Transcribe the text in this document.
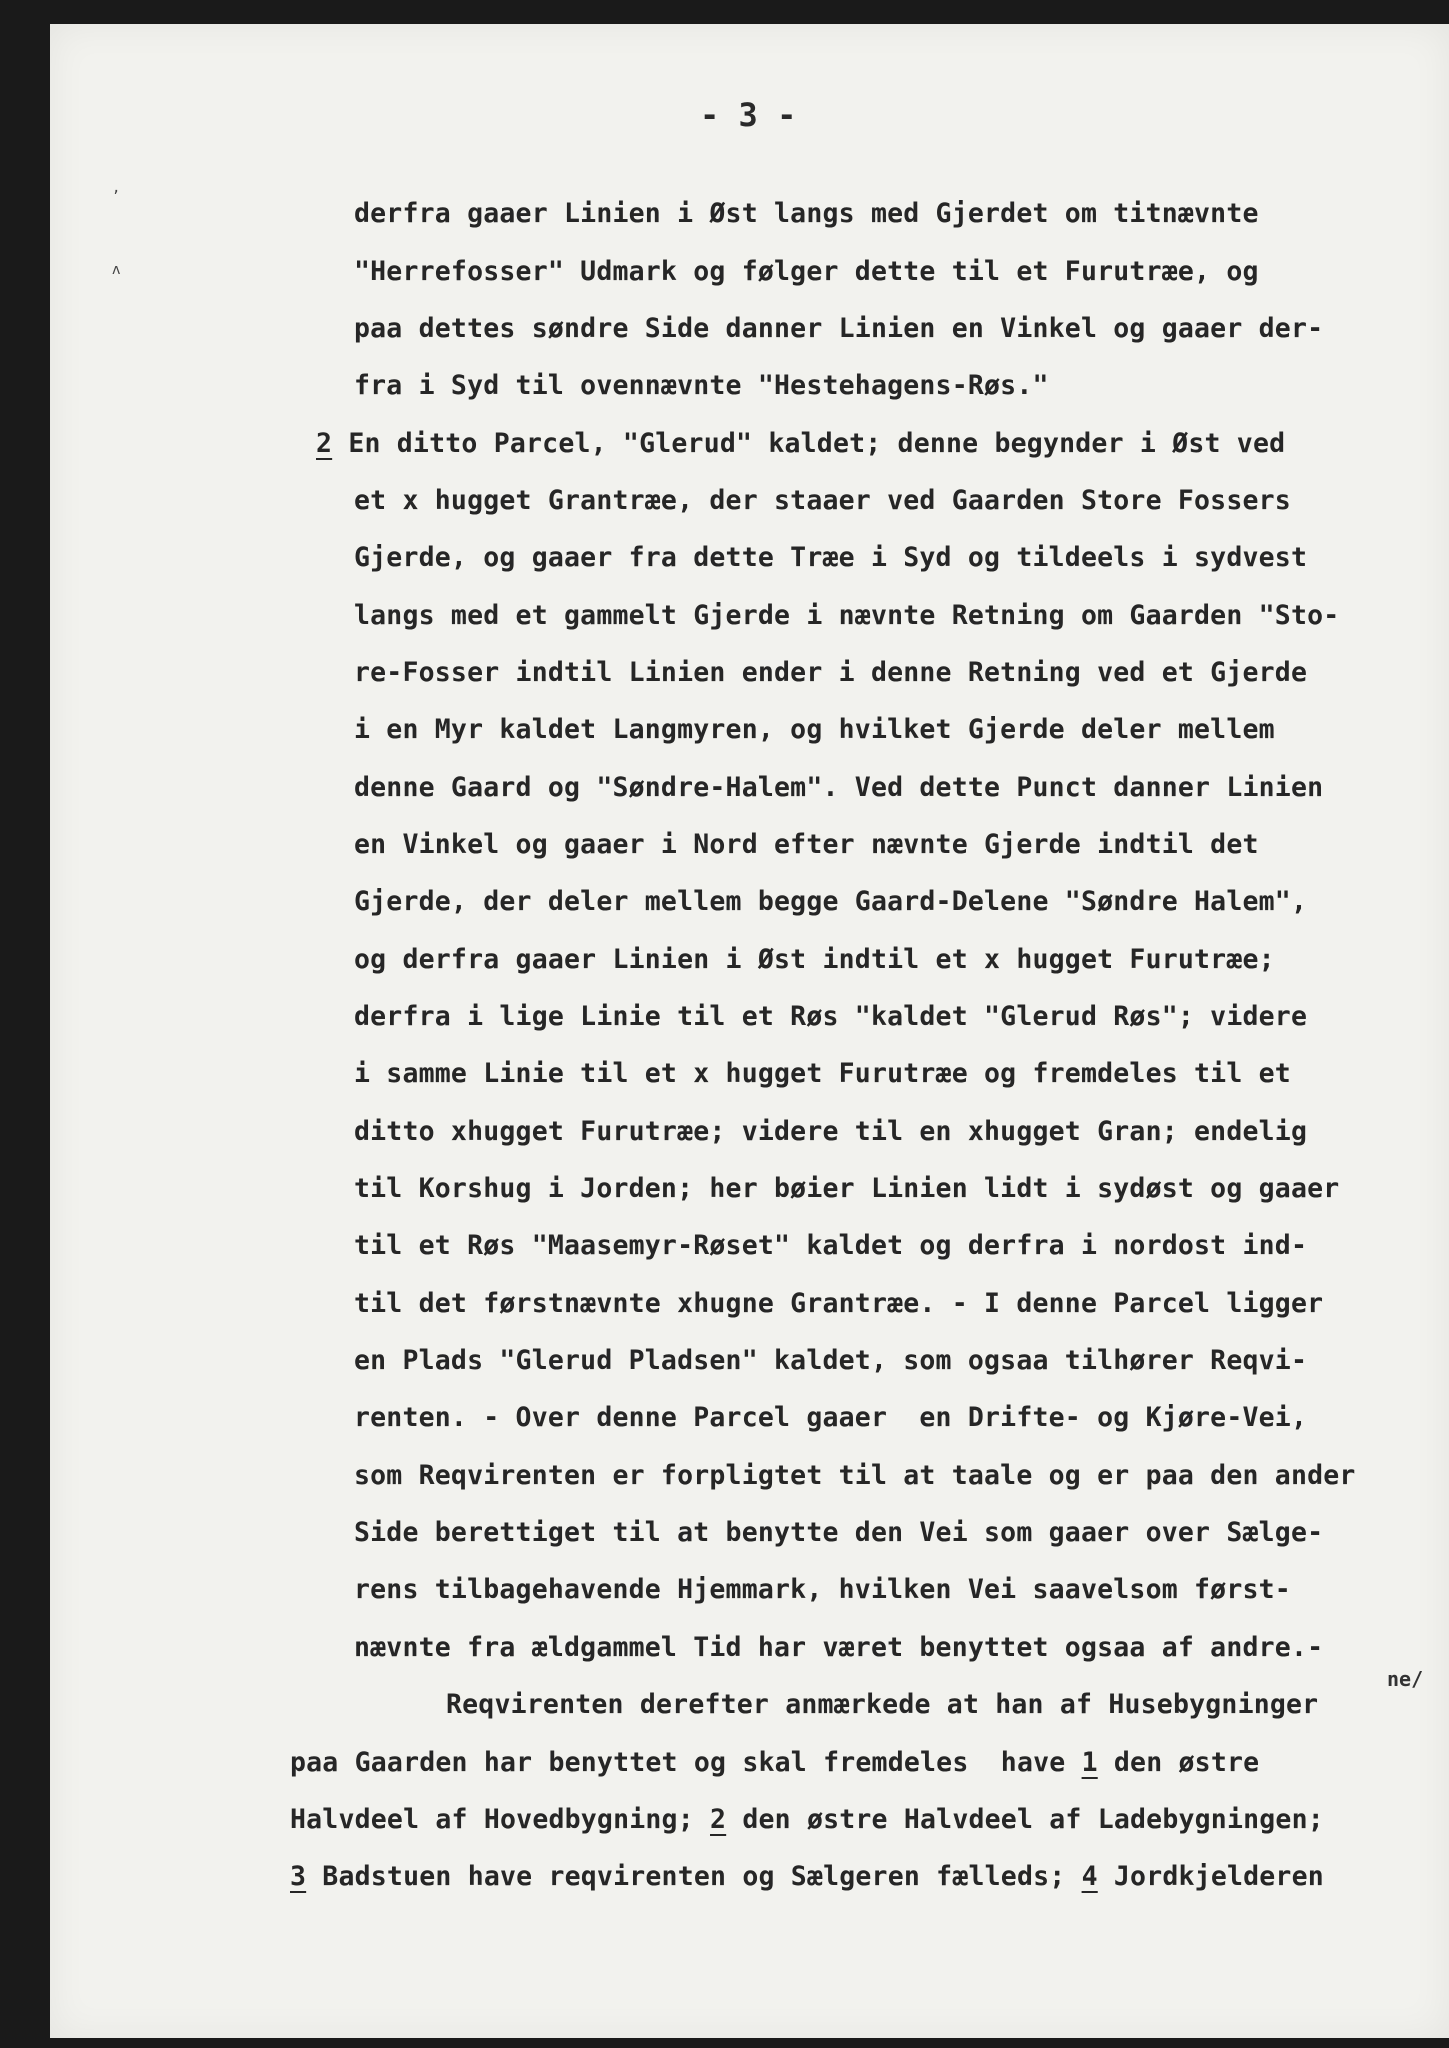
- 3 -
,
ʌ
derfra gaaer Linien i Øst langs med Gjerdet om titnævnte
"Herrefosser" Udmark og følger dette til et Furutræe, og
paa dettes søndre Side danner Linien en Vinkel og gaaer der-
fra i Syd til ovennævnte "Hestehagens-Røs."
2 En ditto Parcel, "Glerud" kaldet; denne begynder i Øst ved
et x hugget Grantræe, der staaer ved Gaarden Store Fossers
Gjerde, og gaaer fra dette Træe i Syd og tildeels i sydvest
langs med et gammelt Gjerde i nævnte Retning om Gaarden "Sto-
re-Fosser indtil Linien ender i denne Retning ved et Gjerde
i en Myr kaldet Langmyren, og hvilket Gjerde deler mellem
denne Gaard og "Søndre-Halem". Ved dette Punct danner Linien
en Vinkel og gaaer i Nord efter nævnte Gjerde indtil det
Gjerde, der deler mellem begge Gaard-Delene "Søndre Halem",
og derfra gaaer Linien i Øst indtil et x hugget Furutræe;
derfra i lige Linie til et Røs "kaldet "Glerud Røs"; videre
i samme Linie til et x hugget Furutræe og fremdeles til et
ditto xhugget Furutræe; videre til en xhugget Gran; endelig
til Korshug i Jorden; her bøier Linien lidt i sydøst og gaaer
til et Røs "Maasemyr-Røset" kaldet og derfra i nordost ind-
til det førstnævnte xhugne Grantræe. - I denne Parcel ligger
en Plads "Glerud Pladsen" kaldet, som ogsaa tilhører Reqvi-
renten. - Over denne Parcel gaaer  en Drifte- og Kjøre-Vei,
som Reqvirenten er forpligtet til at taale og er paa den ander
Side berettiget til at benytte den Vei som gaaer over Sælge-
rens tilbagehavende Hjemmark, hvilken Vei saavelsom først-
nævnte fra ældgammel Tid har været benyttet ogsaa af andre.-
ne/
Reqvirenten derefter anmærkede at han af Husebygninger
paa Gaarden har benyttet og skal fremdeles  have 1 den østre
Halvdeel af Hovedbygning; 2 den østre Halvdeel af Ladebygningen;
3 Badstuen have reqvirenten og Sælgeren fælleds; 4 Jordkjelderen
